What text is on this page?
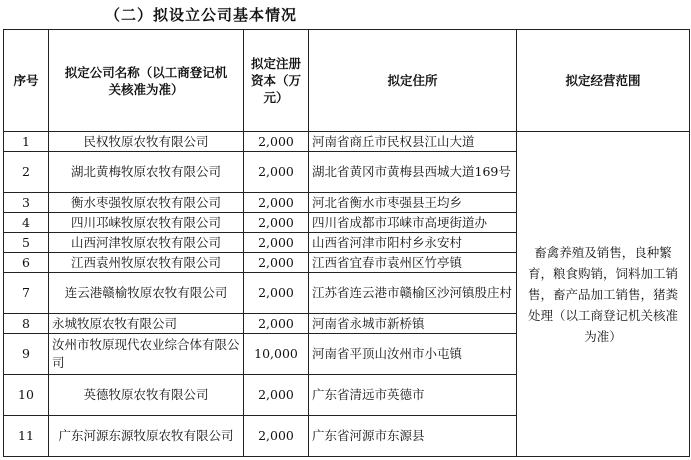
（二）拟设立公司基本情况
序号	拟定公司名称（以工商登记机关核准为准）	拟定注册资本（万元）	拟定住所	拟定经营范围
1	民权牧原农牧有限公司	2,000	河南省商丘市民权县江山大道	畜禽养殖及销售，良种繁育，粮食购销，饲料加工销售，畜产品加工销售，猪粪处理（以工商登记机关核准为准）
2	湖北黄梅牧原农牧有限公司	2,000	湖北省黄冈市黄梅县西城大道169号	
3	衡水枣强牧原农牧有限公司	2,000	河北省衡水市枣强县王均乡	
4	四川邛崃牧原农牧有限公司	2,000	四川省成都市邛崃市高埂街道办	
5	山西河津牧原农牧有限公司	2,000	山西省河津市阳村乡永安村	
6	江西袁州牧原农牧有限公司	2,000	江西省宜春市袁州区竹亭镇	
7	连云港赣榆牧原农牧有限公司	2,000	江苏省连云港市赣榆区沙河镇殷庄村	
8	永城牧原农牧有限公司	2,000	河南省永城市新桥镇	
9	汝州市牧原现代农业综合体有限公司	10,000	河南省平顶山汝州市小屯镇	
10	英德牧原农牧有限公司	2,000	广东省清远市英德市	
11	广东河源东源牧原农牧有限公司	2,000	广东省河源市东源县	
